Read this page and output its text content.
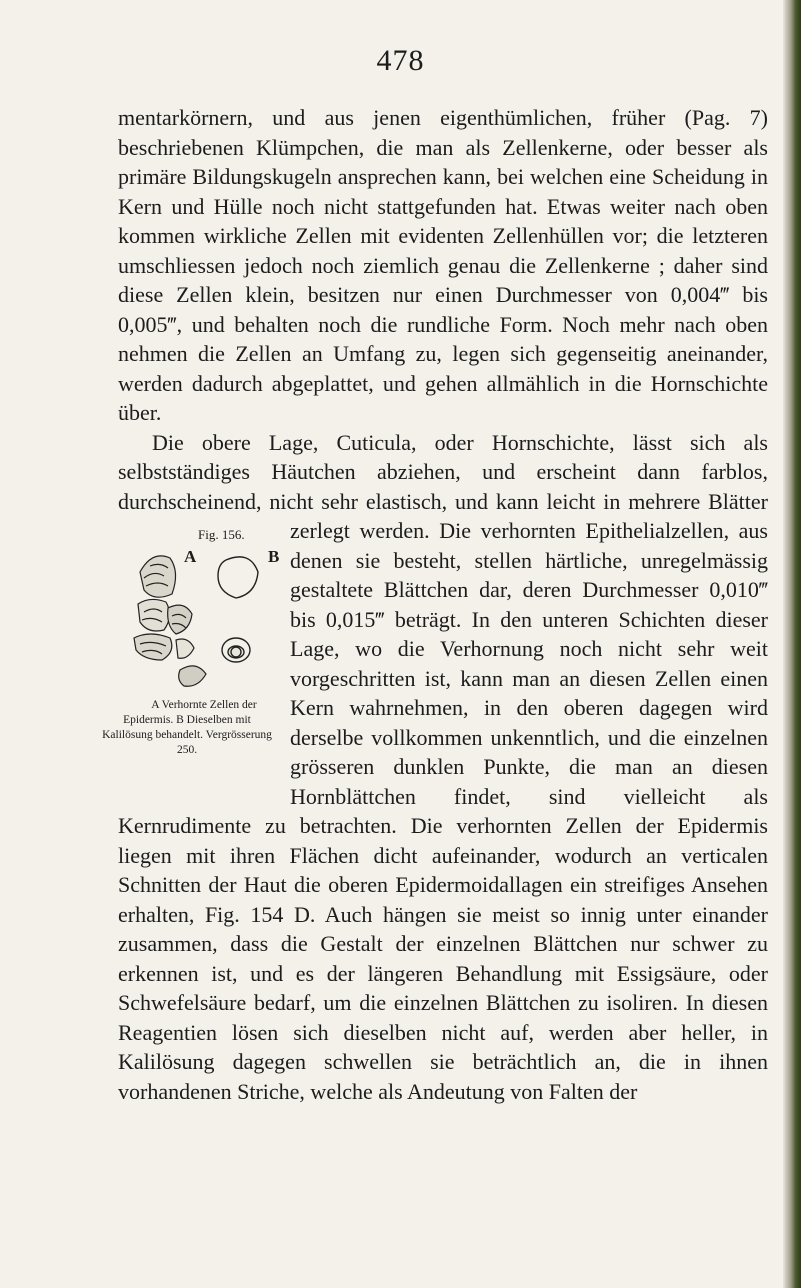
478

mentarkörnern, und aus jenen eigenthümlichen, früher (Pag. 7) beschriebenen Klümpchen, die man als Zellenkerne, oder besser als primäre Bildungskugeln ansprechen kann, bei welchen eine Scheidung in Kern und Hülle noch nicht stattgefunden hat. Etwas weiter nach oben kommen wirkliche Zellen mit evidenten Zellenhüllen vor; die letzteren umschliessen jedoch noch ziemlich genau die Zellenkerne ; daher sind diese Zellen klein, besitzen nur einen Durchmesser von 0,004‴ bis 0,005‴, und behalten noch die rundliche Form. Noch mehr nach oben nehmen die Zellen an Umfang zu, legen sich gegenseitig aneinander, werden dadurch abgeplattet, und gehen allmählich in die Hornschichte über.

Die obere Lage, Cuticula, oder Hornschichte, lässt sich als selbstständiges Häutchen abziehen, und erscheint dann farblos, durchscheinend, nicht sehr elastisch, und kann leicht in mehrere Blätter zerlegt werden.
Fig. 156.
A	B
A Verhornte Zellen der Epidermis. B Dieselben mit Kalilösung behandelt. Vergrösserung 250.
Die verhornten Epithelialzellen, aus denen sie besteht, stellen härtliche, unregelmässig gestaltete Blättchen dar, deren Durchmesser 0,010‴ bis 0,015‴ beträgt. In den unteren Schichten dieser Lage, wo die Verhornung noch nicht sehr weit vorgeschritten ist, kann man an diesen Zellen einen Kern wahrnehmen, in den oberen dagegen wird derselbe vollkommen unkenntlich, und die einzelnen grösseren dunklen Punkte, die man an diesen Hornblättchen findet, sind vielleicht als Kernrudimente zu betrachten. Die verhornten Zellen der Epidermis liegen mit ihren Flächen dicht aufeinander, wodurch an verticalen Schnitten der Haut die oberen Epidermoidallagen ein streifiges Ansehen erhalten, Fig. 154 D. Auch hängen sie meist so innig unter einander zusammen, dass die Gestalt der einzelnen Blättchen nur schwer zu erkennen ist, und es der längeren Behandlung mit Essigsäure, oder Schwefelsäure bedarf, um die einzelnen Blättchen zu isoliren. In diesen Reagentien lösen sich dieselben nicht auf, werden aber heller, in Kalilösung dagegen schwellen sie beträchtlich an, die in ihnen vorhandenen Striche, welche als Andeutung von Falten der
